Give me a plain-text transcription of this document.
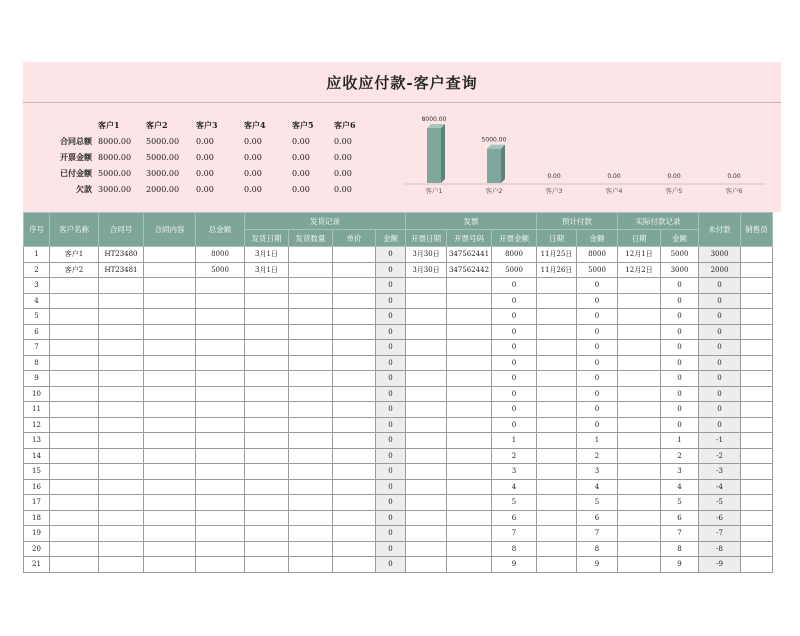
应收应付款-客户查询
	客户1	客户2	客户3	客户4	客户5	客户6
合同总额	8000.00	5000.00	0.00	0.00	0.00	0.00
开票金额	8000.00	5000.00	0.00	0.00	0.00	0.00
已付金额	5000.00	3000.00	0.00	0.00	0.00	0.00
欠款	3000.00	2000.00	0.00	0.00	0.00	0.00
8000.00
客户1
5000.00
客户2
0.00
客户3
0.00
客户4
0.00
客户5
0.00
客户6
序号	客户名称	合同号	合同内容	总金额	发货记录				发票			预计付款		实际付款记录		未付款	销售员
					发货日期	发货数量	单价	金额	开票日期	开票号码	开票金额	日期	金额	日期	金额		
1	客户1	HT23480		8000	3月1日			0	3月30日	347562441	8000	11月25日	8000	12月1日	5000	3000	
2	客户2	HT23481		5000	3月1日			0	3月30日	347562442	5000	11月26日	5000	12月2日	3000	2000	
3								0			0		0		0	0	
4								0			0		0		0	0	
5								0			0		0		0	0	
6								0			0		0		0	0	
7								0			0		0		0	0	
8								0			0		0		0	0	
9								0			0		0		0	0	
10								0			0		0		0	0	
11								0			0		0		0	0	
12								0			0		0		0	0	
13								0			1		1		1	-1	
14								0			2		2		2	-2	
15								0			3		3		3	-3	
16								0			4		4		4	-4	
17								0			5		5		5	-5	
18								0			6		6		6	-6	
19								0			7		7		7	-7	
20								0			8		8		8	-8	
21								0			9		9		9	-9	
